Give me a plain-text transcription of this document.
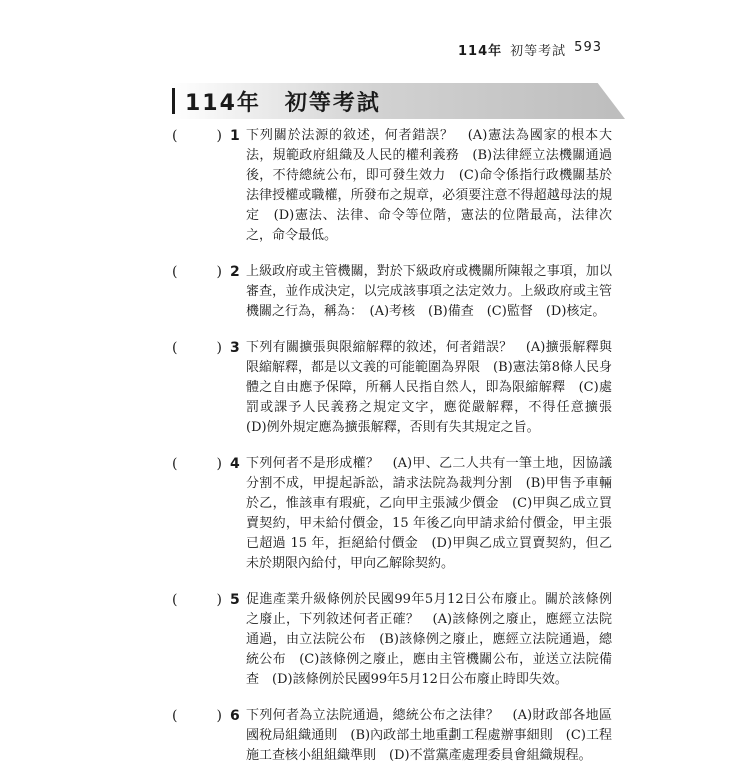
114年 初等考試 593
114年　初等考試
(	) 1 下列關於法源的敘述，何者錯誤？　(A)憲法為國家的根本大法，規範政府組織及人民的權利義務　(B)法律經立法機關通過後，不待總統公布，即可發生效力　(C)命令係指行政機關基於法律授權或職權，所發布之規章，必須要注意不得超越母法的規定　(D)憲法、法律、命令等位階，憲法的位階最高，法律次之，命令最低。
(	) 2 上級政府或主管機關，對於下級政府或機關所陳報之事項，加以審查，並作成決定，以完成該事項之法定效力。上級政府或主管機關之行為，稱為：　(A)考核　(B)備查　(C)監督　(D)核定。
(	) 3 下列有關擴張與限縮解釋的敘述，何者錯誤？　(A)擴張解釋與限縮解釋，都是以文義的可能範圍為界限　(B)憲法第8條人民身體之自由應予保障，所稱人民指自然人，即為限縮解釋　(C)處罰或課予人民義務之規定文字，應從嚴解釋，不得任意擴張　(D)例外規定應為擴張解釋，否則有失其規定之旨。
(	) 4 下列何者不是形成權？　(A)甲、乙二人共有一筆土地，因協議分割不成，甲提起訴訟，請求法院為裁判分割　(B)甲售予車輛於乙，惟該車有瑕疵，乙向甲主張減少價金　(C)甲與乙成立買賣契約，甲未給付價金，15 年後乙向甲請求給付價金，甲主張已超過 15 年，拒絕給付價金　(D)甲與乙成立買賣契約，但乙未於期限內給付，甲向乙解除契約。
(	) 5 促進產業升級條例於民國99年5月12日公布廢止。關於該條例之廢止，下列敘述何者正確？　(A)該條例之廢止，應經立法院通過，由立法院公布　(B)該條例之廢止，應經立法院通過，總統公布　(C)該條例之廢止，應由主管機關公布，並送立法院備查　(D)該條例於民國99年5月12日公布廢止時即失效。
(	) 6 下列何者為立法院通過，總統公布之法律？　(A)財政部各地區國稅局組織通則　(B)內政部土地重劃工程處辦事細則　(C)工程施工查核小組組織準則　(D)不當黨產處理委員會組織規程。
